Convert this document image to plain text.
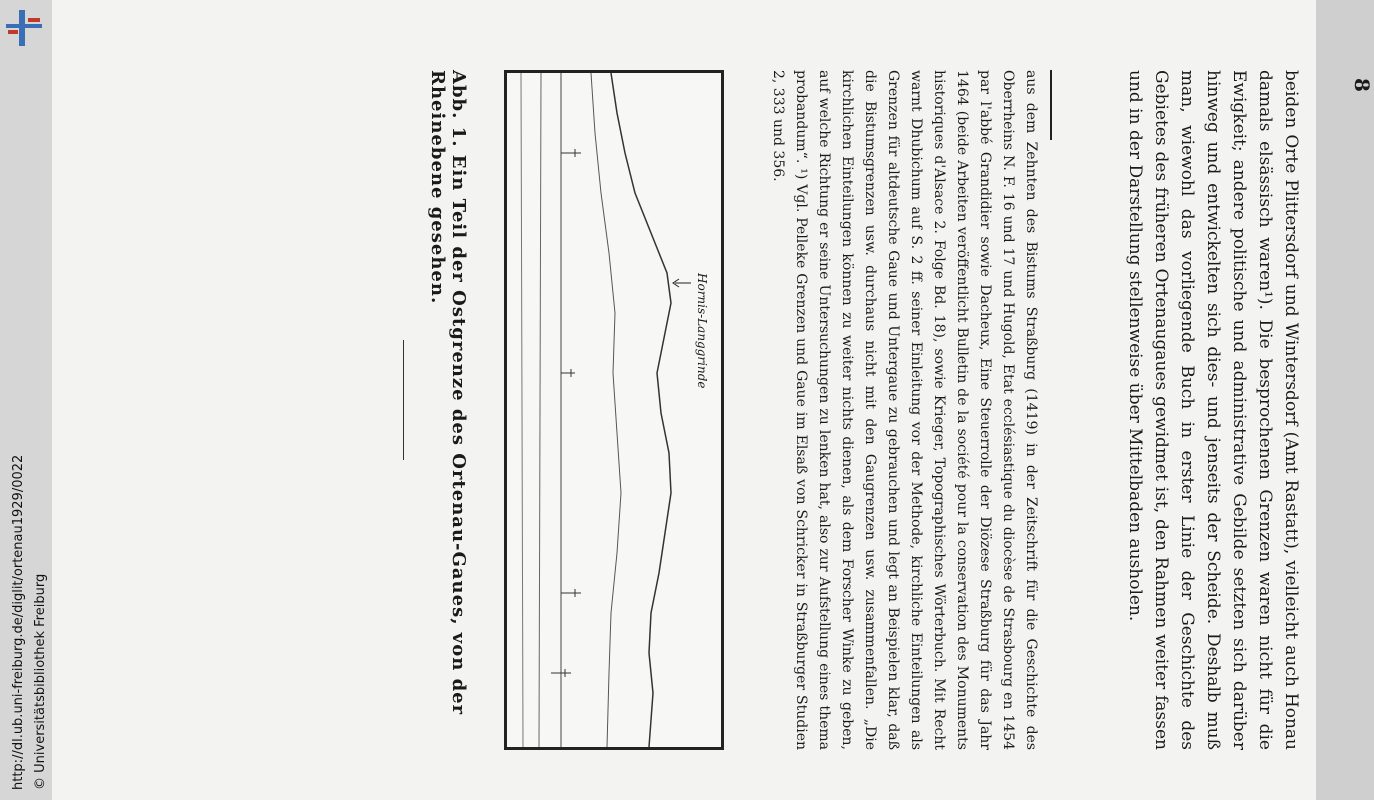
http://dl.ub.uni-freiburg.de/diglit/ortenau1929/0022 © Universitätsbibliothek Freiburg
8
beiden Orte Plittersdorf und Wintersdorf (Amt Rastatt), vielleicht auch Honau damals elsässisch waren¹). Die besprochenen Grenzen waren nicht für die Ewigkeit; andere politische und administrative Gebilde setzten sich darüber hinweg und entwickelten sich dies- und jenseits der Scheide. Deshalb muß man, wiewohl das vorliegende Buch in erster Linie der Geschichte des Gebietes des früheren Ortenaugaues gewidmet ist, den Rahmen weiter fassen und in der Darstellung stellenweise über Mittelbaden ausholen.
aus dem Zehnten des Bistums Straßburg (1419) in der Zeitschrift für die Geschichte des Oberrheins N. F. 16 und 17 und Hugold, Etat ecclésiastique du diocèse de Strasbourg en 1454 par l'abbé Grandidier sowie Dacheux, Eine Steuerrolle der Diözese Straßburg für das Jahr 1464 (beide Arbeiten veröffentlicht Bulletin de la société pour la conservation des Monuments historiques d'Alsace 2. Folge Bd. 18), sowie Krieger, Topographisches Wörterbuch. Mit Recht warnt Dhubichum auf S. 2 ff. seiner Einleitung vor der Methode, kirchliche Einteilungen als Grenzen für altdeutsche Gaue und Untergaue zu gebrauchen und legt an Beispielen klar, daß die Bistumsgrenzen usw. durchaus nicht mit den Gaugrenzen usw. zusammenfallen. „Die kirchlichen Einteilungen können zu weiter nichts dienen, als dem Forscher Winke zu geben, auf welche Richtung er seine Untersuchungen zu lenken hat, also zur Aufstellung eines thema probandum“. ¹) Vgl. Pelleke Grenzen und Gaue im Elsaß von Schricker in Straßburger Studien 2, 333 und 356.
Hornis-Langgrinde
Abb. 1. Ein Teil der Ostgrenze des Ortenau-Gaues, von der Rheinebene gesehen.
